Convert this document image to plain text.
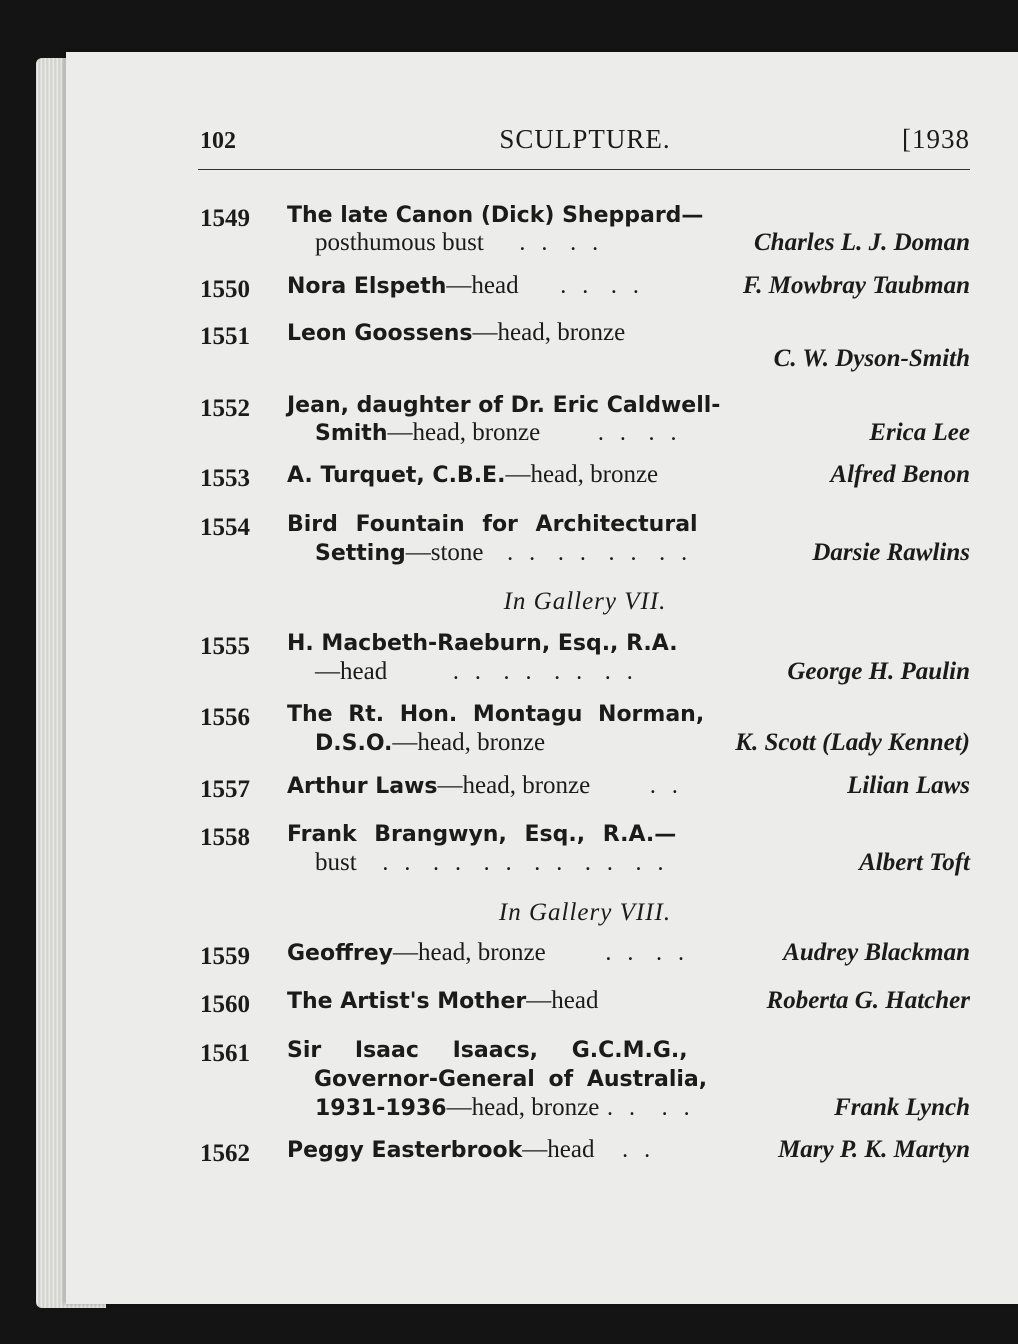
102	SCULPTURE.	[1938
1549 The late Canon (Dick) Sheppard—
posthumous bust . . . .	Charles L. J. Doman
1550 Nora Elspeth—head . . . .	F. Mowbray Taubman
1551 Leon Goossens—head, bronze
C. W. Dyson-Smith
1552 Jean, daughter of Dr. Eric Caldwell-
Smith—head, bronze . . . .	Erica Lee
1553 A. Turquet, C.B.E.—head, bronze	Alfred Benon
1554 Bird Fountain for Architectural
Setting—stone . . . . . . . .	Darsie Rawlins
In Gallery VII.
1555 H. Macbeth-Raeburn, Esq., R.A.
—head	. . . . . . . .	George H. Paulin
1556 The Rt. Hon. Montagu Norman,
D.S.O.—head, bronze	K. Scott (Lady Kennet)
1557 Arthur Laws—head, bronze . .	Lilian Laws
1558 Frank Brangwyn, Esq., R.A.—
bust . . . . . . . . . . . .	Albert Toft
In Gallery VIII.
1559 Geoffrey—head, bronze . . . .	Audrey Blackman
1560 The Artist's Mother—head	Roberta G. Hatcher
1561 Sir Isaac Isaacs, G.C.M.G.,
Governor-General of Australia,
1931-1936—head, bronze . . . .	Frank Lynch
1562 Peggy Easterbrook—head . .	Mary P. K. Martyn
